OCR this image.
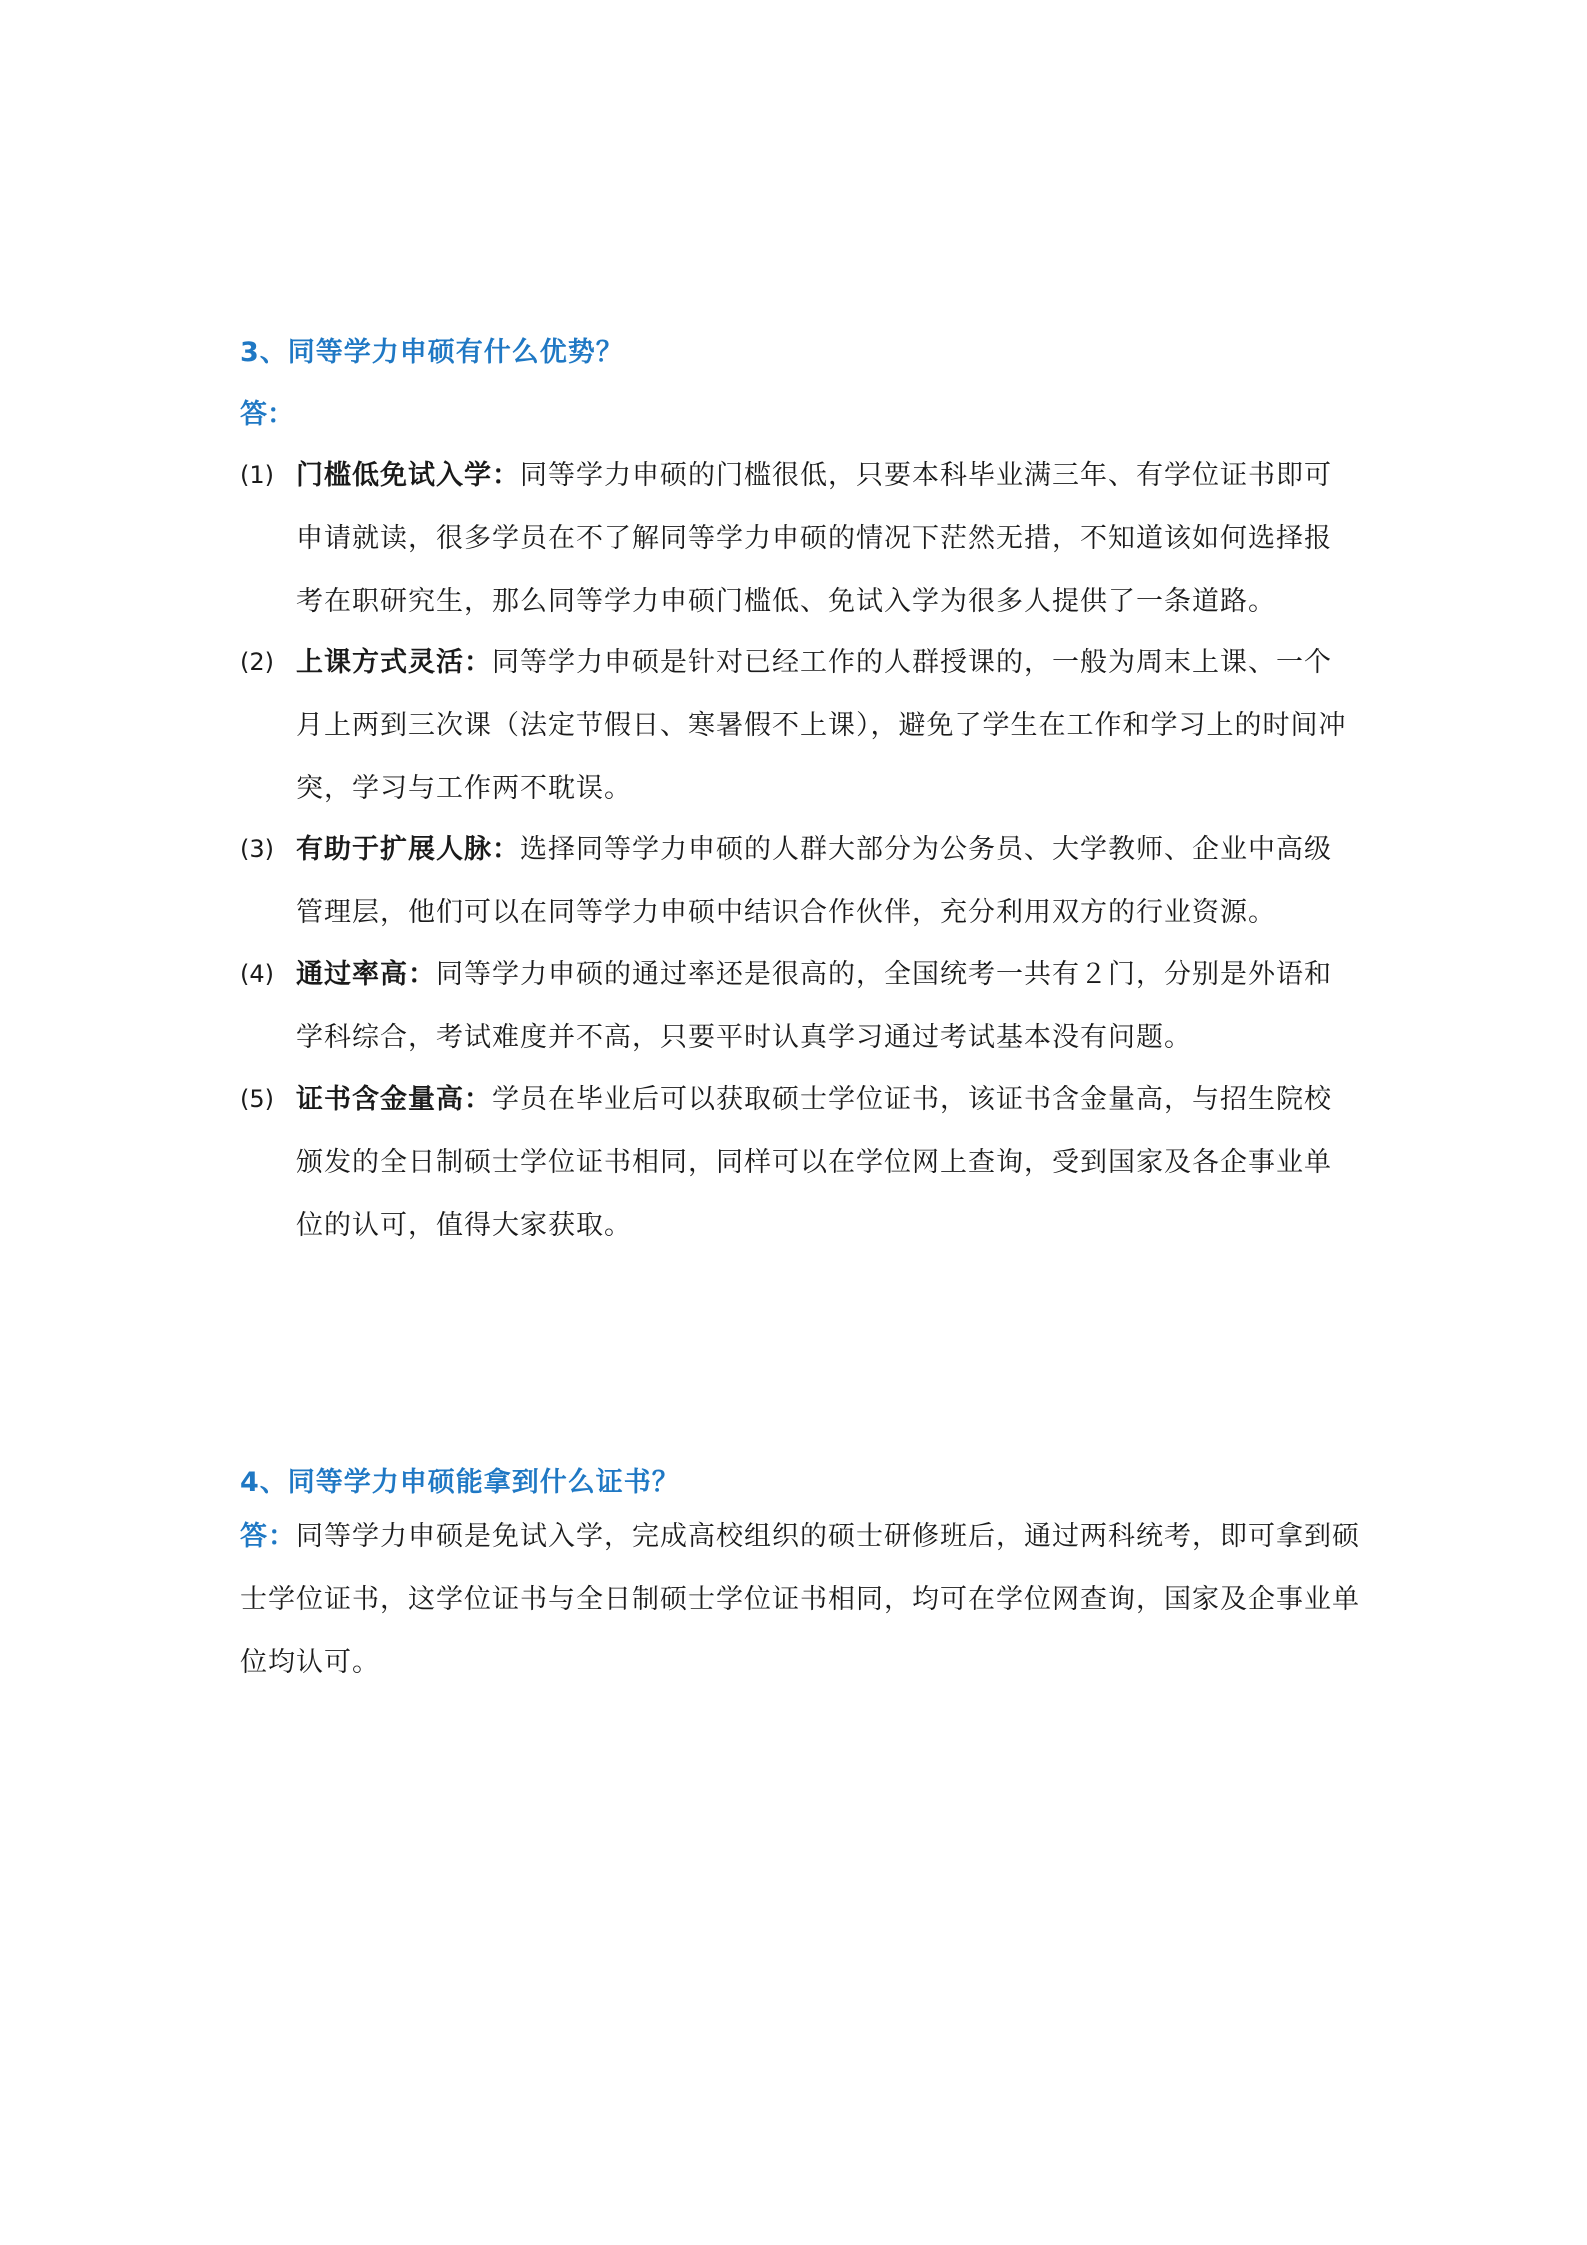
3、同等学力申硕有什么优势？
答：
(1) 门槛低免试入学：同等学力申硕的门槛很低，只要本科毕业满三年、有学位证书即可申请就读，很多学员在不了解同等学力申硕的情况下茫然无措，不知道该如何选择报考在职研究生，那么同等学力申硕门槛低、免试入学为很多人提供了一条道路。
(2) 上课方式灵活：同等学力申硕是针对已经工作的人群授课的，一般为周末上课、一个月上两到三次课（法定节假日、寒暑假不上课），避免了学生在工作和学习上的时间冲突，学习与工作两不耽误。
(3) 有助于扩展人脉：选择同等学力申硕的人群大部分为公务员、大学教师、企业中高级管理层，他们可以在同等学力申硕中结识合作伙伴，充分利用双方的行业资源。
(4) 通过率高：同等学力申硕的通过率还是很高的，全国统考一共有２门，分别是外语和学科综合，考试难度并不高，只要平时认真学习通过考试基本没有问题。
(5) 证书含金量高：学员在毕业后可以获取硕士学位证书，该证书含金量高，与招生院校颁发的全日制硕士学位证书相同，同样可以在学位网上查询，受到国家及各企事业单位的认可，值得大家获取。
4、同等学力申硕能拿到什么证书？
答：同等学力申硕是免试入学，完成高校组织的硕士研修班后，通过两科统考，即可拿到硕士学位证书，这学位证书与全日制硕士学位证书相同，均可在学位网查询，国家及企事业单位均认可。
